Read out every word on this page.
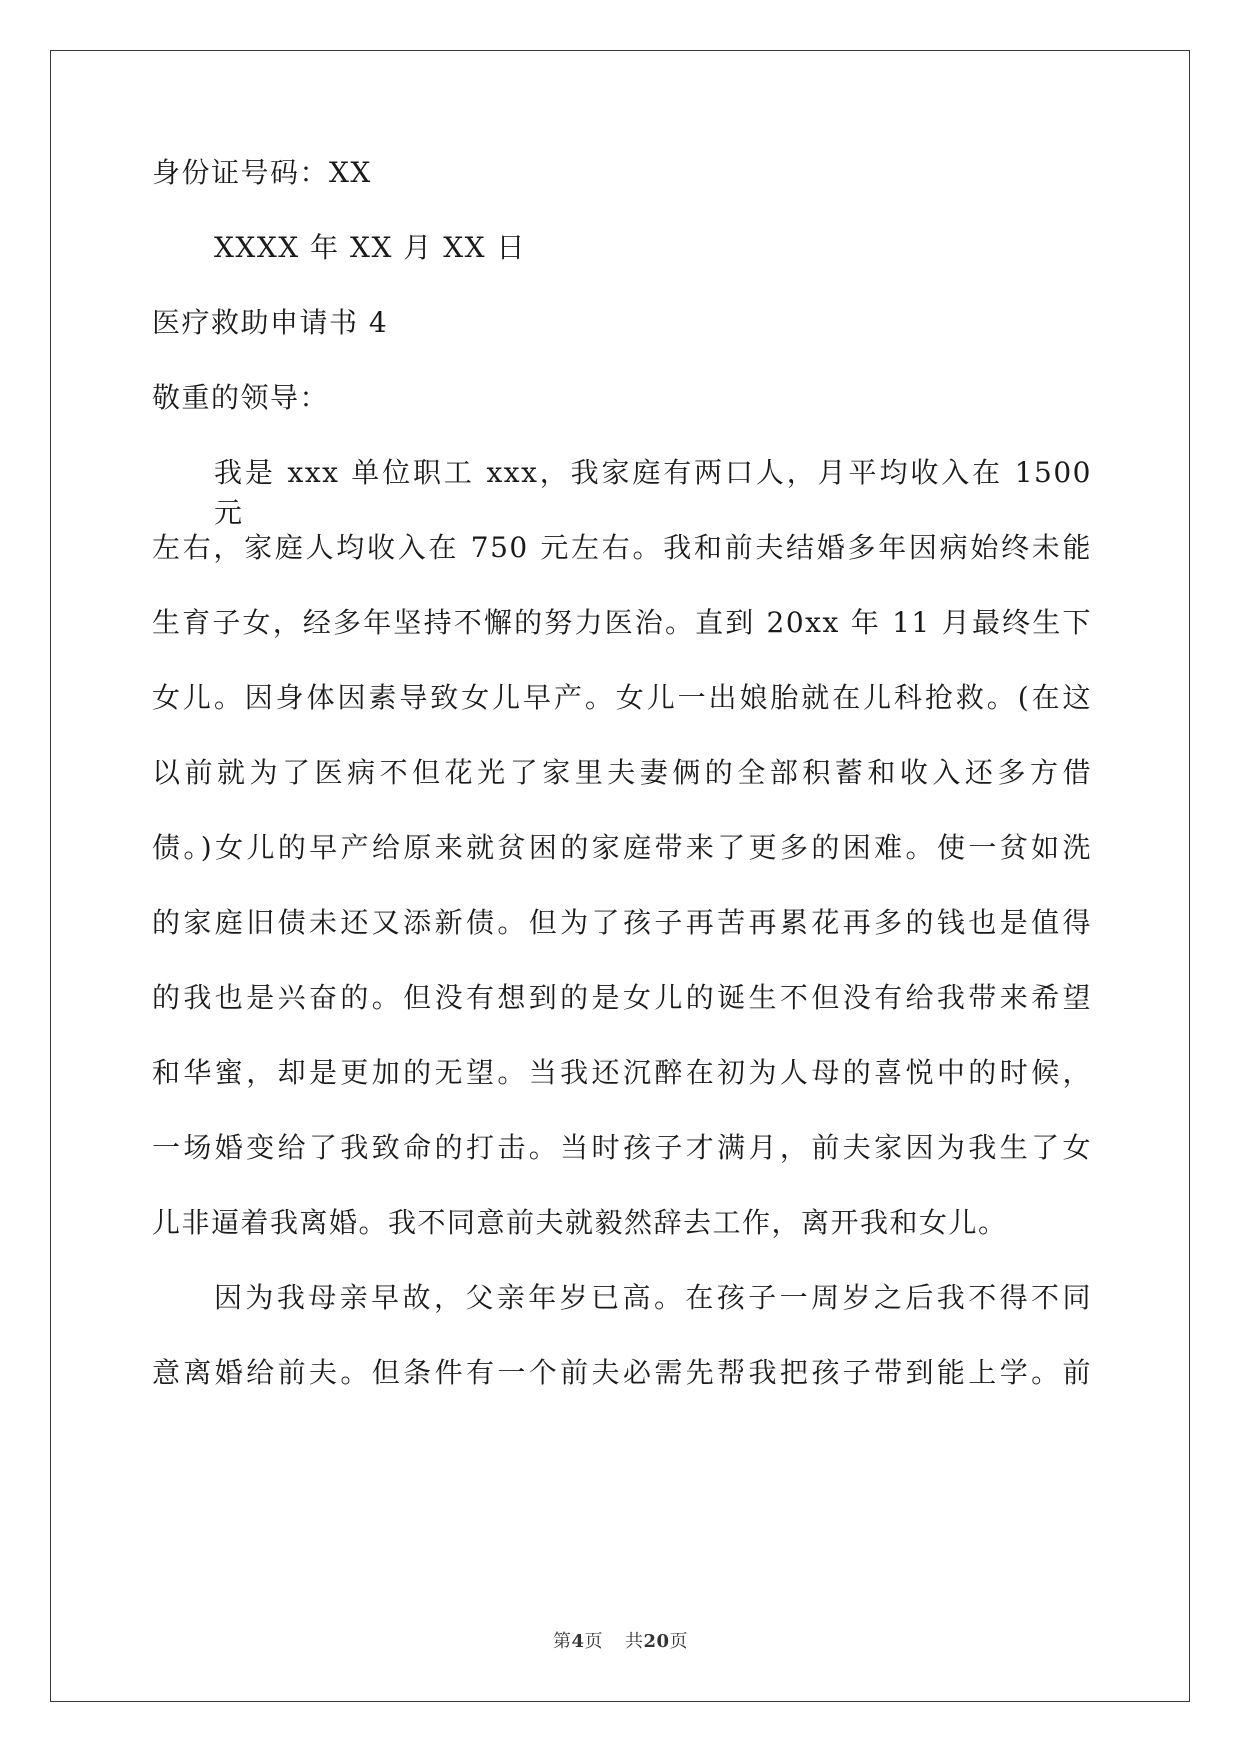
身份证号码：XX
XXXX 年 XX 月 XX 日
医疗救助申请书 4
敬重的领导：
我是 xxx 单位职工 xxx，我家庭有两口人，月平均收入在 1500 元
左右，家庭人均收入在 750 元左右。我和前夫结婚多年因病始终未能
生育子女，经多年坚持不懈的努力医治。直到 20xx 年 11 月最终生下
女儿。因身体因素导致女儿早产。女儿一出娘胎就在儿科抢救。(在这
以前就为了医病不但花光了家里夫妻俩的全部积蓄和收入还多方借
债。)女儿的早产给原来就贫困的家庭带来了更多的困难。使一贫如洗
的家庭旧债未还又添新债。但为了孩子再苦再累花再多的钱也是值得
的我也是兴奋的。但没有想到的是女儿的诞生不但没有给我带来希望
和华蜜，却是更加的无望。当我还沉醉在初为人母的喜悦中的时候，
一场婚变给了我致命的打击。当时孩子才满月，前夫家因为我生了女
儿非逼着我离婚。我不同意前夫就毅然辞去工作，离开我和女儿。
因为我母亲早故，父亲年岁已高。在孩子一周岁之后我不得不同
意离婚给前夫。但条件有一个前夫必需先帮我把孩子带到能上学。前
第4页 共20页
